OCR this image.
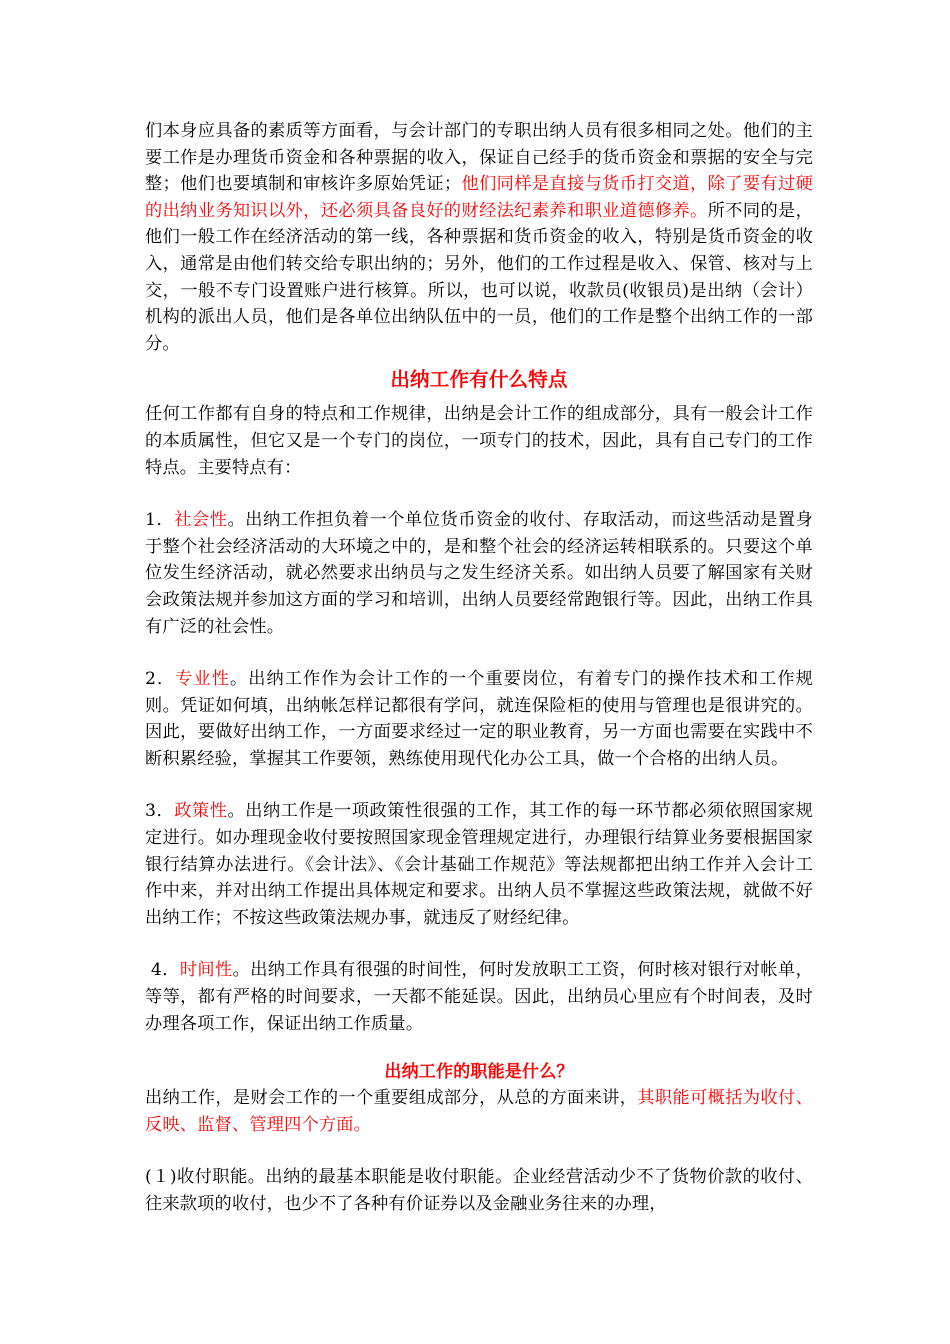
们本身应具备的素质等方面看，与会计部门的专职出纳人员有很多相同之处。他们的主要工作是办理货币资金和各种票据的收入，保证自己经手的货币资金和票据的安全与完整；他们也要填制和审核许多原始凭证；他们同样是直接与货币打交道，除了要有过硬的出纳业务知识以外，还必须具备良好的财经法纪素养和职业道德修养。所不同的是，他们一般工作在经济活动的第一线，各种票据和货币资金的收入，特别是货币资金的收入，通常是由他们转交给专职出纳的；另外，他们的工作过程是收入、保管、核对与上交，一般不专门设置账户进行核算。所以，也可以说，收款员(收银员)是出纳（会计）机构的派出人员，他们是各单位出纳队伍中的一员，他们的工作是整个出纳工作的一部分。

出纳工作有什么特点

任何工作都有自身的特点和工作规律，出纳是会计工作的组成部分，具有一般会计工作的本质属性，但它又是一个专门的岗位，一项专门的技术，因此，具有自己专门的工作特点。主要特点有：

1．社会性。出纳工作担负着一个单位货币资金的收付、存取活动，而这些活动是置身于整个社会经济活动的大环境之中的，是和整个社会的经济运转相联系的。只要这个单位发生经济活动，就必然要求出纳员与之发生经济关系。如出纳人员要了解国家有关财会政策法规并参加这方面的学习和培训，出纳人员要经常跑银行等。因此，出纳工作具有广泛的社会性。

2．专业性。出纳工作作为会计工作的一个重要岗位，有着专门的操作技术和工作规则。凭证如何填，出纳帐怎样记都很有学问，就连保险柜的使用与管理也是很讲究的。因此，要做好出纳工作，一方面要求经过一定的职业教育，另一方面也需要在实践中不断积累经验，掌握其工作要领，熟练使用现代化办公工具，做一个合格的出纳人员。

3．政策性。出纳工作是一项政策性很强的工作，其工作的每一环节都必须依照国家规定进行。如办理现金收付要按照国家现金管理规定进行，办理银行结算业务要根据国家银行结算办法进行。《会计法》、《会计基础工作规范》等法规都把出纳工作并入会计工作中来，并对出纳工作提出具体规定和要求。出纳人员不掌握这些政策法规，就做不好出纳工作；不按这些政策法规办事，就违反了财经纪律。

4．时间性。出纳工作具有很强的时间性，何时发放职工工资，何时核对银行对帐单，等等，都有严格的时间要求，一天都不能延误。因此，出纳员心里应有个时间表，及时办理各项工作，保证出纳工作质量。

出纳工作的职能是什么？

出纳工作，是财会工作的一个重要组成部分，从总的方面来讲，其职能可概括为收付、反映、监督、管理四个方面。

(１)收付职能。出纳的最基本职能是收付职能。企业经营活动少不了货物价款的收付、往来款项的收付，也少不了各种有价证券以及金融业务往来的办理，
